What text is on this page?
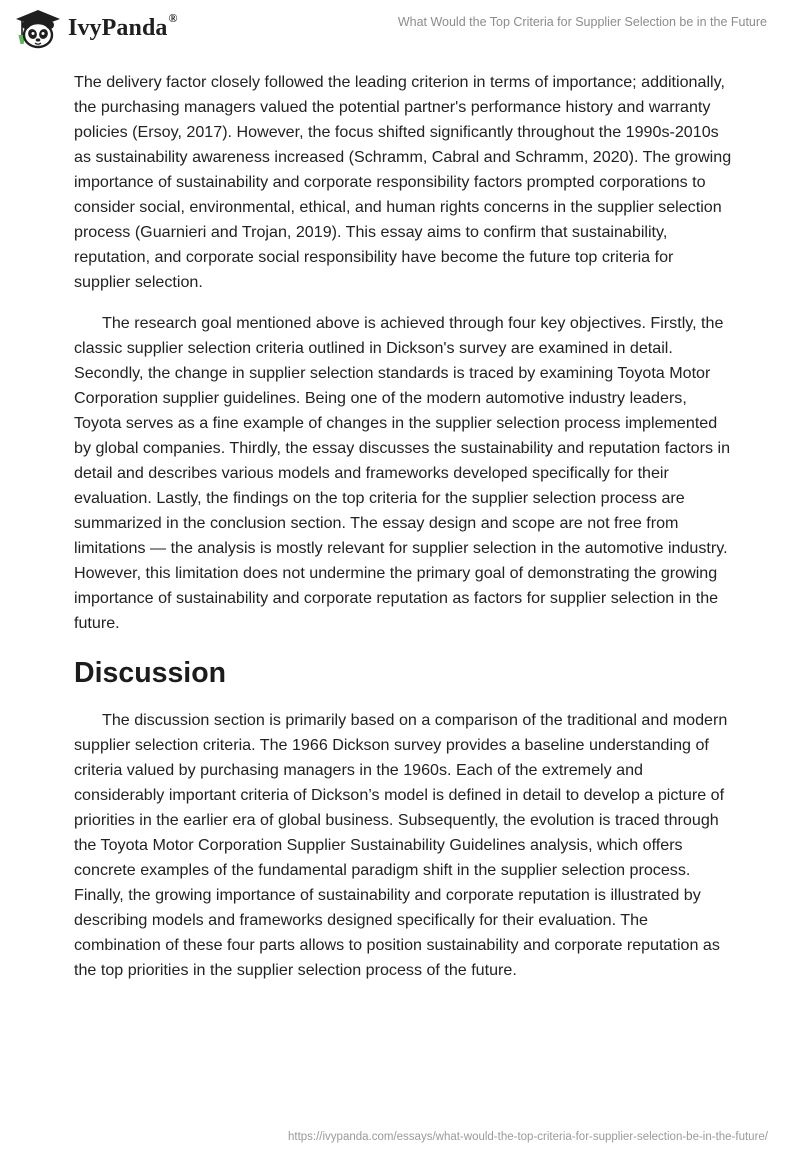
IvyPanda®	What Would the Top Criteria for Supplier Selection be in the Future

The delivery factor closely followed the leading criterion in terms of importance; additionally, the purchasing managers valued the potential partner's performance history and warranty policies (Ersoy, 2017). However, the focus shifted significantly throughout the 1990s-2010s as sustainability awareness increased (Schramm, Cabral and Schramm, 2020). The growing importance of sustainability and corporate responsibility factors prompted corporations to consider social, environmental, ethical, and human rights concerns in the supplier selection process (Guarnieri and Trojan, 2019). This essay aims to confirm that sustainability, reputation, and corporate social responsibility have become the future top criteria for supplier selection.

The research goal mentioned above is achieved through four key objectives. Firstly, the classic supplier selection criteria outlined in Dickson's survey are examined in detail. Secondly, the change in supplier selection standards is traced by examining Toyota Motor Corporation supplier guidelines. Being one of the modern automotive industry leaders, Toyota serves as a fine example of changes in the supplier selection process implemented by global companies. Thirdly, the essay discusses the sustainability and reputation factors in detail and describes various models and frameworks developed specifically for their evaluation. Lastly, the findings on the top criteria for the supplier selection process are summarized in the conclusion section. The essay design and scope are not free from limitations — the analysis is mostly relevant for supplier selection in the automotive industry. However, this limitation does not undermine the primary goal of demonstrating the growing importance of sustainability and corporate reputation as factors for supplier selection in the future.

Discussion

The discussion section is primarily based on a comparison of the traditional and modern supplier selection criteria. The 1966 Dickson survey provides a baseline understanding of criteria valued by purchasing managers in the 1960s. Each of the extremely and considerably important criteria of Dickson’s model is defined in detail to develop a picture of priorities in the earlier era of global business. Subsequently, the evolution is traced through the Toyota Motor Corporation Supplier Sustainability Guidelines analysis, which offers concrete examples of the fundamental paradigm shift in the supplier selection process. Finally, the growing importance of sustainability and corporate reputation is illustrated by describing models and frameworks designed specifically for their evaluation. The combination of these four parts allows to position sustainability and corporate reputation as the top priorities in the supplier selection process of the future.

https://ivypanda.com/essays/what-would-the-top-criteria-for-supplier-selection-be-in-the-future/
